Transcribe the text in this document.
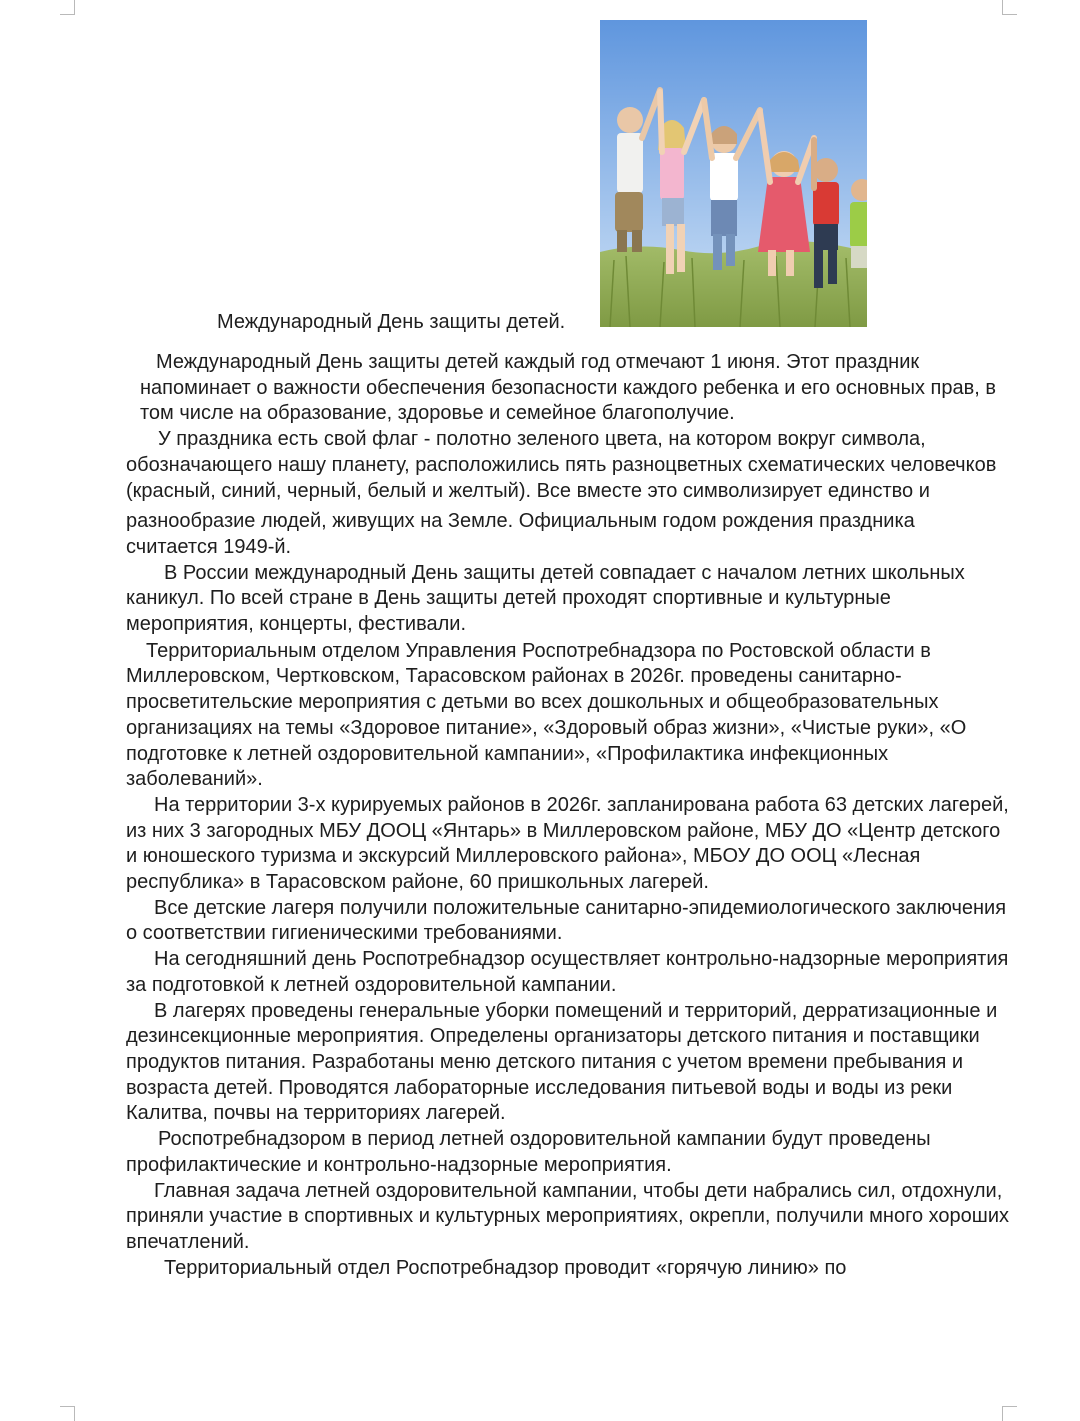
Международный День защиты детей.

Международный День защиты детей каждый год отмечают 1 июня. Этот праздник напоминает о важности обеспечения безопасности каждого ребенка и его основных прав, в том числе на образование, здоровье и семейное благополучие.

У праздника есть свой флаг - полотно зеленого цвета, на котором вокруг символа, обозначающего нашу планету, расположились пять разноцветных схематических человечков (красный, синий, черный, белый и желтый). Все вместе это символизирует единство и

разнообразие людей, живущих на Земле. Официальным годом рождения праздника считается 1949-й.

В России международный День защиты детей совпадает с началом летних школьных каникул. По всей стране в День защиты детей проходят спортивные и культурные мероприятия, концерты, фестивали.

Территориальным отделом Управления Роспотребнадзора по Ростовской области в Миллеровском, Чертковском, Тарасовском районах в 2026г. проведены санитарно-просветительские мероприятия с детьми во всех дошкольных и общеобразовательных организациях на темы «Здоровое питание», «Здоровый образ жизни», «Чистые руки», «О подготовке к летней оздоровительной кампании», «Профилактика инфекционных заболеваний».

На территории 3-х курируемых районов в 2026г. запланирована работа 63 детских лагерей, из них 3 загородных МБУ ДООЦ «Янтарь» в Миллеровском районе, МБУ ДО «Центр детского и юношеского туризма и экскурсий Миллеровского района», МБОУ ДО ООЦ «Лесная республика» в Тарасовском районе, 60 пришкольных лагерей.

Все детские лагеря получили положительные санитарно-эпидемиологического заключения о соответствии гигиеническими требованиями.

На сегодняшний день Роспотребнадзор осуществляет контрольно-надзорные мероприятия за подготовкой к летней оздоровительной кампании.

В лагерях проведены генеральные уборки помещений и территорий, дерратизационные и дезинсекционные мероприятия. Определены организаторы детского питания и поставщики продуктов питания. Разработаны меню детского питания с учетом времени пребывания и возраста детей. Проводятся лабораторные исследования питьевой воды и воды из реки Калитва, почвы на территориях лагерей.

Роспотребнадзором в период летней оздоровительной кампании будут проведены профилактические и контрольно-надзорные мероприятия.

Главная задача летней оздоровительной кампании, чтобы дети набрались сил, отдохнули, приняли участие в спортивных и культурных мероприятиях, окрепли, получили много хороших впечатлений.

Территориальный отдел Роспотребнадзор проводит «горячую линию» по
